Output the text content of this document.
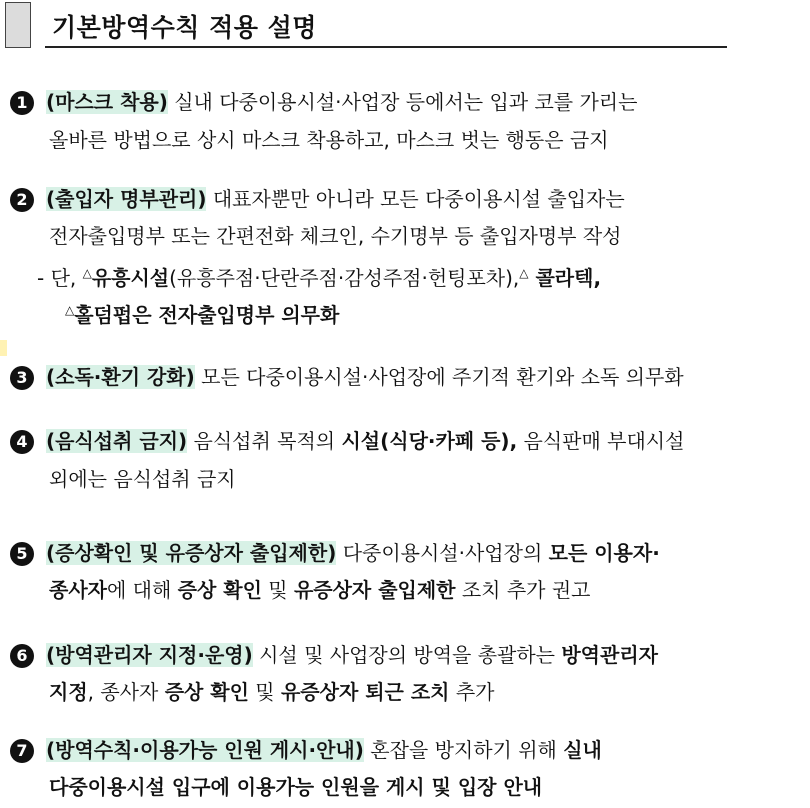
기본방역수칙 적용 설명
1 (마스크 착용) 실내 다중이용시설·사업장 등에서는 입과 코를 가리는
올바른 방법으로 상시 마스크 착용하고, 마스크 벗는 행동은 금지
2 (출입자 명부관리) 대표자뿐만 아니라 모든 다중이용시설 출입자는
전자출입명부 또는 간편전화 체크인, 수기명부 등 출입자명부 작성
- 단, △유흥시설(유흥주점·단란주점·감성주점·헌팅포차),△ 콜라텍,
△홀덤펍은 전자출입명부 의무화
3 (소독·환기 강화) 모든 다중이용시설·사업장에 주기적 환기와 소독 의무화
4 (음식섭취 금지) 음식섭취 목적의 시설(식당·카페 등), 음식판매 부대시설
외에는 음식섭취 금지
5 (증상확인 및 유증상자 출입제한) 다중이용시설·사업장의 모든 이용자·
종사자에 대해 증상 확인 및 유증상자 출입제한 조치 추가 권고
6 (방역관리자 지정·운영) 시설 및 사업장의 방역을 총괄하는 방역관리자
지정, 종사자 증상 확인 및 유증상자 퇴근 조치 추가
7 (방역수칙·이용가능 인원 게시·안내) 혼잡을 방지하기 위해 실내
다중이용시설 입구에 이용가능 인원을 게시 및 입장 안내
